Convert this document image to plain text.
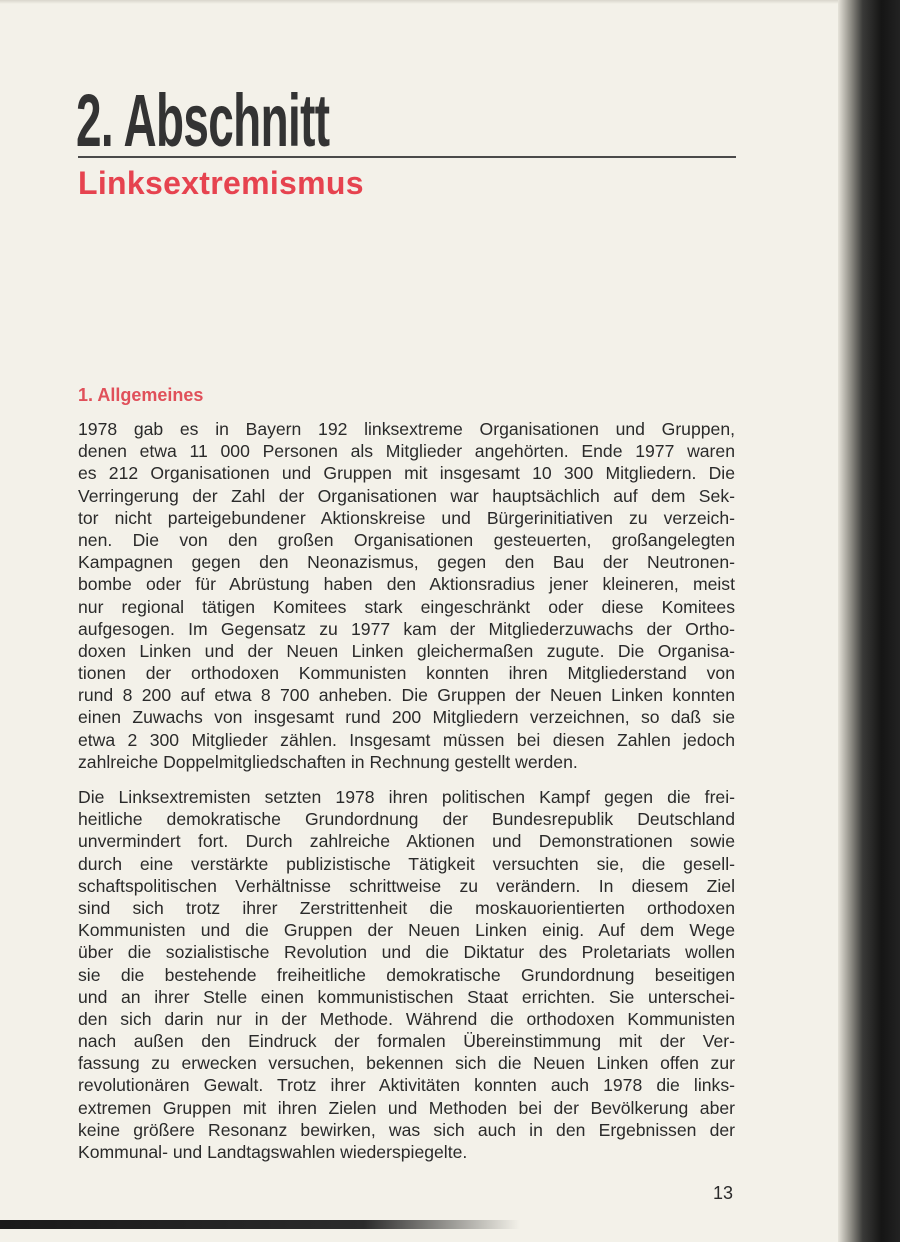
2. Abschnitt
Linksextremismus
1. Allgemeines
1978 gab es in Bayern 192 linksextreme Organisationen und Gruppen,
denen etwa 11 000 Personen als Mitglieder angehörten. Ende 1977 waren
es 212 Organisationen und Gruppen mit insgesamt 10 300 Mitgliedern. Die
Verringerung der Zahl der Organisationen war hauptsächlich auf dem Sek-
tor nicht parteigebundener Aktionskreise und Bürgerinitiativen zu verzeich-
nen. Die von den großen Organisationen gesteuerten, großangelegten
Kampagnen gegen den Neonazismus, gegen den Bau der Neutronen-
bombe oder für Abrüstung haben den Aktionsradius jener kleineren, meist
nur regional tätigen Komitees stark eingeschränkt oder diese Komitees
aufgesogen. Im Gegensatz zu 1977 kam der Mitgliederzuwachs der Ortho-
doxen Linken und der Neuen Linken gleichermaßen zugute. Die Organisa-
tionen der orthodoxen Kommunisten konnten ihren Mitgliederstand von
rund 8 200 auf etwa 8 700 anheben. Die Gruppen der Neuen Linken konnten
einen Zuwachs von insgesamt rund 200 Mitgliedern verzeichnen, so daß sie
etwa 2 300 Mitglieder zählen. Insgesamt müssen bei diesen Zahlen jedoch
zahlreiche Doppelmitgliedschaften in Rechnung gestellt werden.
Die Linksextremisten setzten 1978 ihren politischen Kampf gegen die frei-
heitliche demokratische Grundordnung der Bundesrepublik Deutschland
unvermindert fort. Durch zahlreiche Aktionen und Demonstrationen sowie
durch eine verstärkte publizistische Tätigkeit versuchten sie, die gesell-
schaftspolitischen Verhältnisse schrittweise zu verändern. In diesem Ziel
sind sich trotz ihrer Zerstrittenheit die moskauorientierten orthodoxen
Kommunisten und die Gruppen der Neuen Linken einig. Auf dem Wege
über die sozialistische Revolution und die Diktatur des Proletariats wollen
sie die bestehende freiheitliche demokratische Grundordnung beseitigen
und an ihrer Stelle einen kommunistischen Staat errichten. Sie unterschei-
den sich darin nur in der Methode. Während die orthodoxen Kommunisten
nach außen den Eindruck der formalen Übereinstimmung mit der Ver-
fassung zu erwecken versuchen, bekennen sich die Neuen Linken offen zur
revolutionären Gewalt. Trotz ihrer Aktivitäten konnten auch 1978 die links-
extremen Gruppen mit ihren Zielen und Methoden bei der Bevölkerung aber
keine größere Resonanz bewirken, was sich auch in den Ergebnissen der
Kommunal- und Landtagswahlen wiederspiegelte.
13
